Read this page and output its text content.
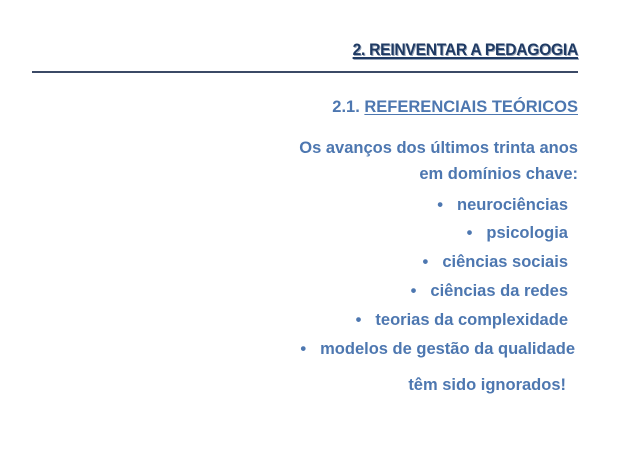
2. REINVENTAR A PEDAGOGIA
2.1. REFERENCIAIS TEÓRICOS
Os avanços dos últimos trinta anos
em domínios chave:
• neurociências
• psicologia
• ciências sociais
• ciências da redes
• teorias da complexidade
• modelos de gestão da qualidade
têm sido ignorados!
